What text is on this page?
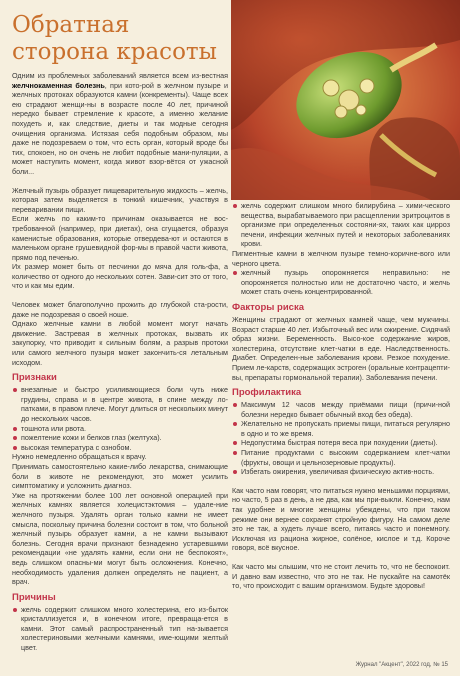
Обратная
сторона красоты

Одним из проблемных заболеваний является всем из-вестная желчнокаменная болезнь, при кото-рой в желчном пузыре и желчных протоках образуются камни (конкременты). Чаще всех ею страдают женщи-ны в возрасте после 40 лет, причиной нередко бывает стремление к красоте, а именно желание похудеть и, как следствие, диеты и так модные сегодня очищения организма. Истязая себя подобным образом, мы даже не подозреваем о том, что есть орган, который вроде бы тих, спокоен, но он очень не любит подобные мани-пуляции, а может наступить момент, когда живот взор-вётся от ужасной боли...

Желчный пузырь образует пищеварительную жидкость – желчь, которая затем выделяется в тонкий кишечник, участвуя в переваривании пищи.

Если желчь по каким-то причинам оказывается не вос-требованной (например, при диетах), она сгущается, образуя каменистые образования, которые отвердева-ют и остаются в маленьком органе грушевидной фор-мы в правой части живота, прямо под печенью.

Их размер может быть от песчинки до мяча для голь-фа, а количество от одного до нескольких сотен. Зави-сит это от того, что и как мы едим.

Человек может благополучно прожить до глубокой ста-рости, даже не подозревая о своей ноше.

Однако желчные камни в любой момент могут начать движение. Застревая в желчных протоках, вызвать их закупорку, что приводит к сильным болям, а разрыв протоки или самого желчного пузыря может закончить-ся летальным исходом.

Признаки

внезапные и быстро усиливающиеся боли чуть ниже грудины, справа и в центре живота, в спине между ло-патками, в правом плече. Могут длиться от нескольких минут до нескольких часов.

тошнота или рвота.

пожелтение кожи и белков глаз (желтуха).

высокая температура с ознобом.

Нужно немедленно обращаться к врачу.

Принимать самостоятельно какие-либо лекарства, снимающие боли в животе не рекомендуют, это может усилить симптоматику и усложнить диагноз.

Уже на протяжении более 100 лет основной операцией при желчных камнях является холецистэктомия – удале-ние желчного пузыря. Удалять орган только камни не имеет смысла, поскольку причина болезни состоит в том, что больной желчный пузырь образует камни, а не камни вызывают болезнь. Сегодня врачи признают безнадежно устаревшими рекомендации «не удалять камни, если они не беспокоят», ведь слишком опасны-ми могут быть осложнения. Конечно, необходимость удаления должен определять не пациент, а врач.

Причины

желчь содержит слишком много холестерина, его из-быток кристаллизуется и, в конечном итоге, превраща-ется в камни. Этот самый распространенный тип на-зывается холестериновыми желчными камнями, име-ющими желтый цвет.

желчь содержит слишком много билирубина – хими-ческого вещества, вырабатываемого при расщеплении эритроцитов в организме при определенных состояни-ях, таких как цирроз печени, инфекции желчных путей и некоторых заболеваниях крови.

Пигментные камни в желчном пузыре темно-коричне-вого или черного цвета.

желчный пузырь опорожняется неправильно: не опорожняется полностью или не достаточно часто, и желчь может стать очень концентрированной.

Факторы риска

Женщины страдают от желчных камней чаще, чем мужчины. Возраст старше 40 лет. Избыточный вес или ожирение. Сидячий образ жизни. Беременность. Высо-кое содержание жиров, холестерина, отсутствие клет-чатки в еде. Наследственность. Диабет. Определен-ные заболевания крови. Резкое похудение. Прием ле-карств, содержащих эстроген (оральные контрацепти-вы, препараты гормональной терапии). Заболевания печени.

Профилактика

Максимум 12 часов между приёмами пищи (причи-ной болезни нередко бывает обычный вход без обеда).

Желательно не пропускать приемы пищи, питаться регулярно в одно и то же время.

Недопустима быстрая потеря веса при похудении (диеты).

Питание продуктами с высоким содержанием клет-чатки (фрукты, овощи и цельнозерновые продукты).

Избегать ожирения, увеличивая физическую актив-ность.

Как часто нам говорят, что питаться нужно меньшими порциями, но часто, 5 раз в день, а не два, как мы при-выкли. Конечно, нам так удобнее и многие женщины убеждены, что при таком режиме они вернее сохранят стройную фигуру. На самом деле это не так, а худеть лучше всего, питаясь часто и понемногу. Исключая из рациона жирное, солёное, кислое и т.д. Короче говоря, всё вкусное.

Как часто мы слышим, что не стоит лечить то, что не беспокоит. И давно вам известно, что это не так. Не пускайте на самотёк то, что происходит с вашим организмом. Будьте здоровы!

Журнал "Акцент", 2022 год, № 15
